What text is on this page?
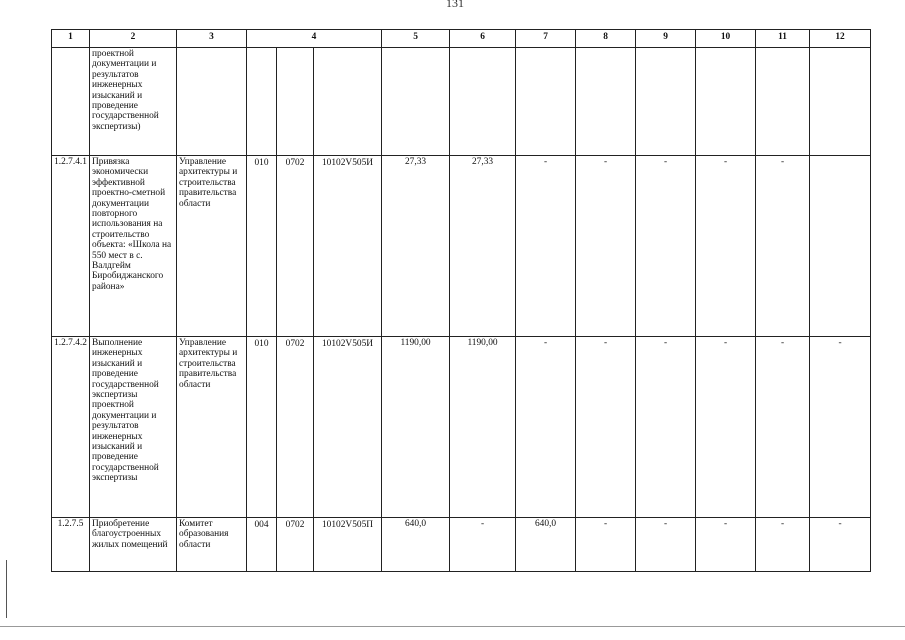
131
1	2	3	4			5	6	7	8	9	10	11	12
	проектной документации и результатов инженерных изысканий и проведение государственной экспертизы)												
1.2.7.4.1	Привязка экономически эффективной проектно-сметной документации повторного использования на строительство объекта: «Школа на 550 мест в с. Валдгейм Биробиджанского района»	Управление архитектуры и строительства правительства области	010	0702	10102V505И	27,33	27,33	-	-	-	-	-	
1.2.7.4.2	Выполнение инженерных изысканий и проведение государственной экспертизы проектной документации и результатов инженерных изысканий и проведение государственной экспертизы	Управление архитектуры и строительства правительства области	010	0702	10102V505И	1190,00	1190,00	-	-	-	-	-	-
1.2.7.5	Приобретение благоустроенных жилых помещений	Комитет образования области	004	0702	10102V505П	640,0	-	640,0	-	-	-	-	-
